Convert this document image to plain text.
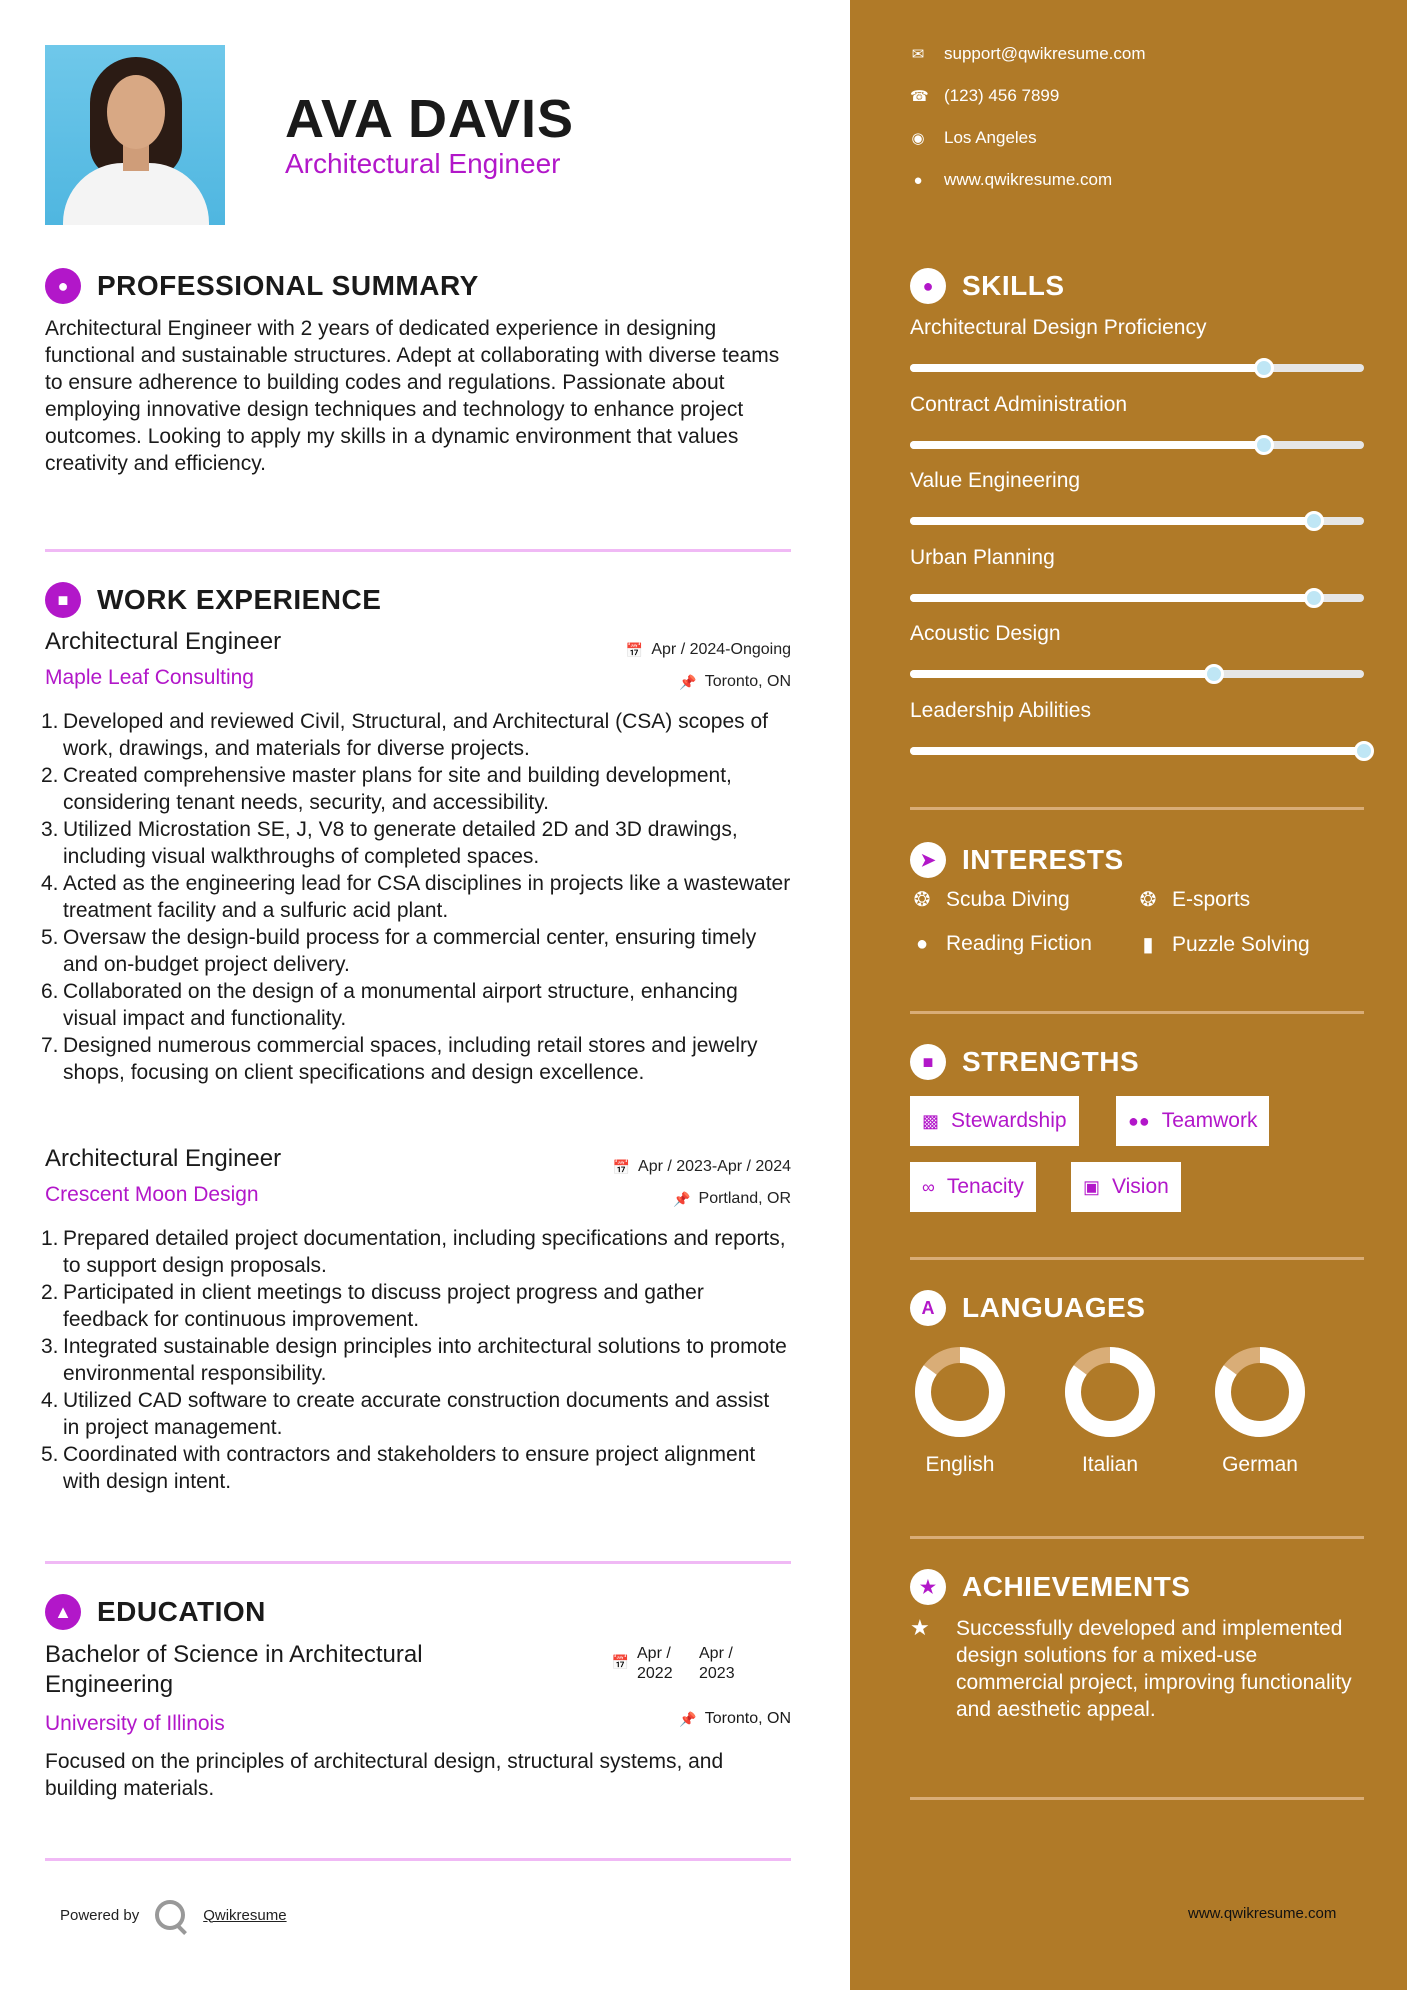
AVA DAVIS
Architectural Engineer
●	PROFESSIONAL SUMMARY
Architectural Engineer with 2 years of dedicated experience in designing functional and sustainable structures. Adept at collaborating with diverse teams to ensure adherence to building codes and regulations. Passionate about employing innovative design techniques and technology to enhance project outcomes. Looking to apply my skills in a dynamic environment that values creativity and efficiency.
■	WORK EXPERIENCE
Architectural Engineer
Maple Leaf Consulting
📅 Apr / 2024-Ongoing
📌 Toronto, ON
1. Developed and reviewed Civil, Structural, and Architectural (CSA) scopes of work, drawings, and materials for diverse projects.
2. Created comprehensive master plans for site and building development, considering tenant needs, security, and accessibility.
3. Utilized Microstation SE, J, V8 to generate detailed 2D and 3D drawings, including visual walkthroughs of completed spaces.
4. Acted as the engineering lead for CSA disciplines in projects like a wastewater treatment facility and a sulfuric acid plant.
5. Oversaw the design-build process for a commercial center, ensuring timely and on-budget project delivery.
6. Collaborated on the design of a monumental airport structure, enhancing visual impact and functionality.
7. Designed numerous commercial spaces, including retail stores and jewelry shops, focusing on client specifications and design excellence.
Architectural Engineer
Crescent Moon Design
📅 Apr / 2023-Apr / 2024
📌 Portland, OR
1. Prepared detailed project documentation, including specifications and reports, to support design proposals.
2. Participated in client meetings to discuss project progress and gather feedback for continuous improvement.
3. Integrated sustainable design principles into architectural solutions to promote environmental responsibility.
4. Utilized CAD software to create accurate construction documents and assist in project management.
5. Coordinated with contractors and stakeholders to ensure project alignment with design intent.
▲ EDUCATION
Bachelor of Science in Architectural Engineering
University of Illinois
Focused on the principles of architectural design, structural systems, and building materials.
📅 Apr / 2022
Apr / 2023
📌 Toronto, ON
Powered by	Qwikresume
✉ support@qwikresume.com
☎ (123) 456 7899
◉ Los Angeles
● www.qwikresume.com
●	SKILLS
Architectural Design Proficiency
Contract Administration
Value Engineering
Urban Planning
Acoustic Design
Leadership Abilities
➤ INTERESTS
❂ Scuba Diving	❂ E-sports
● Reading Fiction	▮ Puzzle Solving
■	STRENGTHS
▩ Stewardship	●● Teamwork
∞ Tenacity	▣ Vision
A LANGUAGES
English	Italian	German
★ ACHIEVEMENTS
★	Successfully developed and implemented design solutions for a mixed-use commercial project, improving functionality and aesthetic appeal.
www.qwikresume.com
